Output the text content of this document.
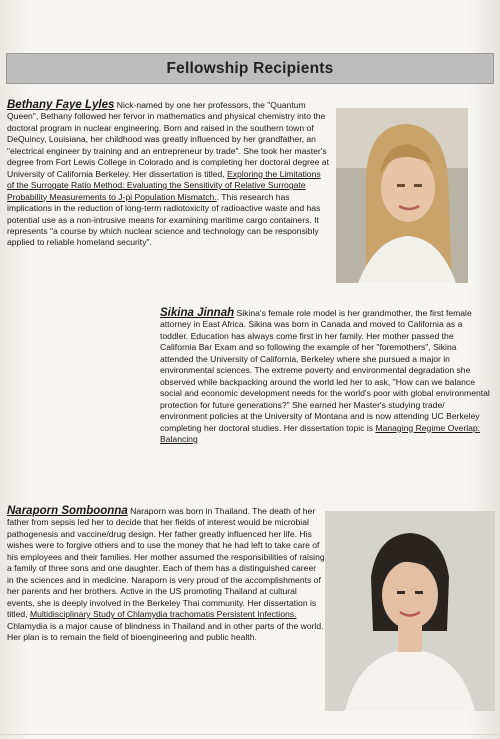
Fellowship Recipients

Bethany Faye Lyles Nick-named by one her professors, the "Quantum Queen", Bethany followed her fervor in mathematics and physical chemistry into the doctoral program in nuclear engineering. Born and raised in the southern town of DeQuincy, Louisiana, her childhood was greatly influenced by her grandfather, an "electrical engineer by training and an entrepreneur by trade". She took her master's degree from Fort Lewis College in Colorado and is completing her doctoral degree at University of California Berkeley. Her dissertation is titled, Exploring the Limitations of the Surrogate Ratio Method: Evaluating the Sensitivity of Relative Surrogate Probability Measurements to J-pi Population Mismatch.. This research has implications in the reduction of long-term radiotoxicity of radioactive waste and has potential use as a non-intrusive means for examining maritime cargo containers. It represents "a course by which nuclear science and technology can be responsibly applied to reliable homeland security".

Sikina Jinnah Sikina's female role model is her grandmother, the first female attorney in East Africa. Sikina was born in Canada and moved to California as a toddler. Education has always come first in her family. Her mother passed the California Bar Exam and so following the example of her "foremothers", Sikina attended the University of California, Berkeley where she pursued a major in environmental sciences. The extreme poverty and environmental degradation she observed while backpacking around the world led her to ask, "How can we balance social and economic development needs for the world's poor with global environmental protection for future generations?" She earned her Master's studying trade/ environment policies at the University of Montana and is now attending UC Berkeley completing her doctoral studies. Her dissertation topic is Managing Regime Overlap: Balancing

Naraporn Somboonna Naraporn was born in Thailand. The death of her father from sepsis led her to decide that her fields of interest would be microbial pathogenesis and vaccine/drug design. Her father greatly influenced her life. His wishes were to forgive others and to use the money that he had left to take care of his employees and their families. Her mother assumed the responsibilities of raising a family of three sons and one daughter. Each of them has a distinguished career in the sciences and in medicine. Naraporn is very proud of the accomplishments of her parents and her brothers. Active in the US promoting Thailand at cultural events, she is deeply involved in the Berkeley Thai community. Her dissertation is titled, Multidisciplinary Study of Chlamydia trachomatis Persistent Infections. Chlamydia is a major cause of blindness in Thailand and in other parts of the world. Her plan is to remain the field of bioengineering and public health.
